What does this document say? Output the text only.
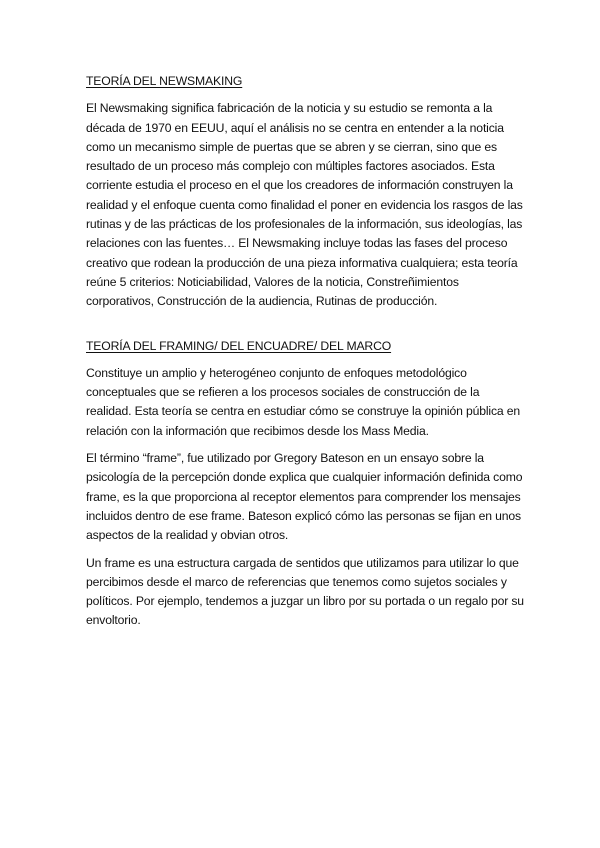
TEORÍA DEL NEWSMAKING

El Newsmaking significa fabricación de la noticia y su estudio se remonta a la década de 1970 en EEUU, aquí el análisis no se centra en entender a la noticia como un mecanismo simple de puertas que se abren y se cierran, sino que es resultado de un proceso más complejo con múltiples factores asociados. Esta corriente estudia el proceso en el que los creadores de información construyen la realidad y el enfoque cuenta como finalidad el poner en evidencia los rasgos de las rutinas y de las prácticas de los profesionales de la información, sus ideologías, las relaciones con las fuentes… El Newsmaking incluye todas las fases del proceso creativo que rodean la producción de una pieza informativa cualquiera; esta teoría reúne 5 criterios: Noticiabilidad, Valores de la noticia, Constreñimientos corporativos, Construcción de la audiencia, Rutinas de producción.

TEORÍA DEL FRAMING/ DEL ENCUADRE/ DEL MARCO

Constituye un amplio y heterogéneo conjunto de enfoques metodológico conceptuales que se refieren a los procesos sociales de construcción de la realidad. Esta teoría se centra en estudiar cómo se construye la opinión pública en relación con la información que recibimos desde los Mass Media.

El término “frame”, fue utilizado por Gregory Bateson en un ensayo sobre la psicología de la percepción donde explica que cualquier información definida como frame, es la que proporciona al receptor elementos para comprender los mensajes incluidos dentro de ese frame. Bateson explicó cómo las personas se fijan en unos aspectos de la realidad y obvian otros.

Un frame es una estructura cargada de sentidos que utilizamos para utilizar lo que percibimos desde el marco de referencias que tenemos como sujetos sociales y políticos. Por ejemplo, tendemos a juzgar un libro por su portada o un regalo por su envoltorio.
